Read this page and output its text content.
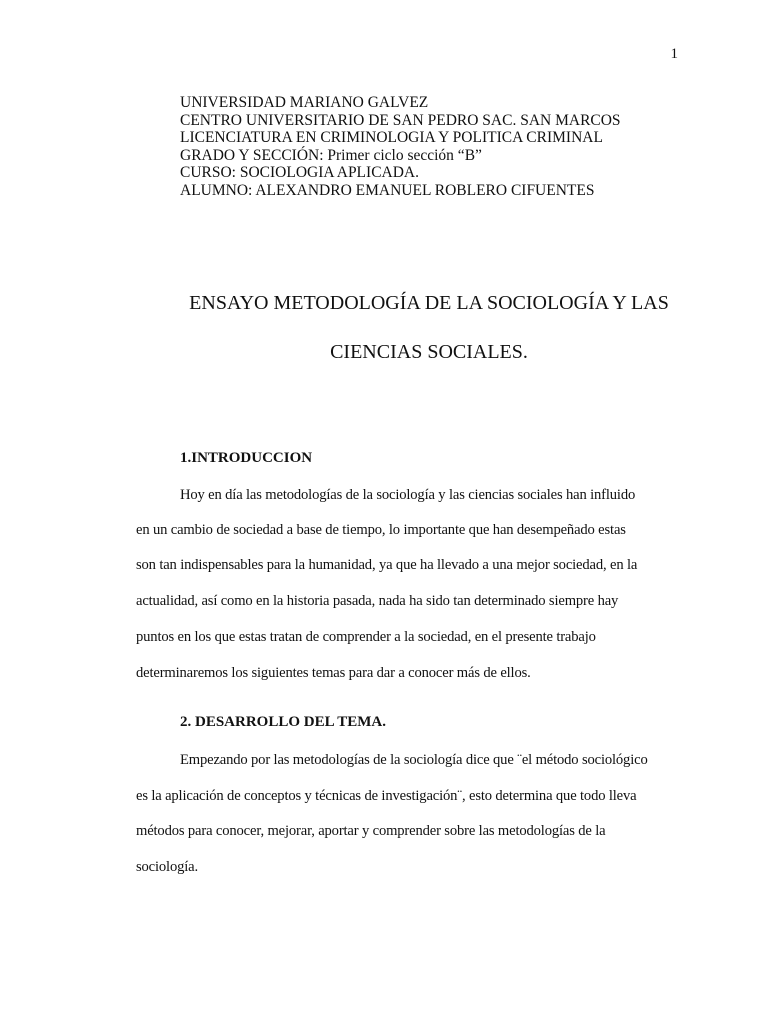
1
UNIVERSIDAD MARIANO GALVEZ
CENTRO UNIVERSITARIO DE SAN PEDRO SAC. SAN MARCOS
LICENCIATURA EN CRIMINOLOGIA Y POLITICA CRIMINAL
GRADO Y SECCIÓN: Primer ciclo sección “B”
CURSO: SOCIOLOGIA APLICADA.
ALUMNO: ALEXANDRO EMANUEL ROBLERO CIFUENTES
ENSAYO METODOLOGÍA DE LA SOCIOLOGÍA Y LAS
CIENCIAS SOCIALES.
1.INTRODUCCION
Hoy en día las metodologías de la sociología y las ciencias sociales han influido
en un cambio de sociedad a base de tiempo, lo importante que han desempeñado estas
son tan indispensables para la humanidad, ya que ha llevado a una mejor sociedad, en la
actualidad, así como en la historia pasada, nada ha sido tan determinado siempre hay
puntos en los que estas tratan de comprender a la sociedad, en el presente trabajo
determinaremos los siguientes temas para dar a conocer más de ellos.
2. DESARROLLO DEL TEMA.
Empezando por las metodologías de la sociología dice que ¨el método sociológico
es la aplicación de conceptos y técnicas de investigación¨, esto determina que todo lleva
métodos para conocer, mejorar, aportar y comprender sobre las metodologías de la
sociología.
